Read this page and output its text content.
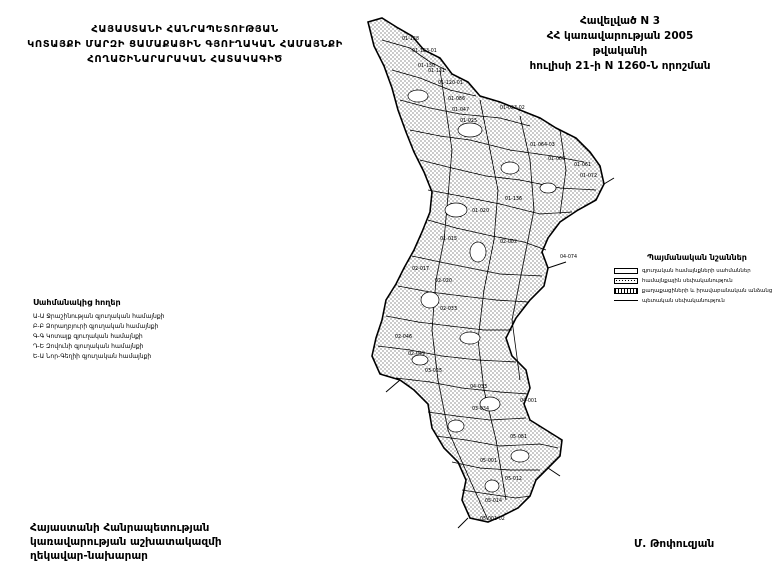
ՀԱՅԱՍՏԱՆԻ ՀԱՆՐԱՊԵՏՈՒԹՅԱՆ
ԿՈՏԱՅՔԻ ՄԱՐԶԻ ՑԱՄԱՔԱՅԻՆ ԳՅՈՒՂԱԿԱՆ ՀԱՄԱՅՆՔԻ
ՀՈՂԱՇԻՆԱՐԱՐԱԿԱՆ ՀԱՏԱԿԱԳԻԾ
Հավելված N 3
ՀՀ կառավարության 2005 թվականի
հուլիսի 21-ի N 1260-Ն որոշման
Սահմանակից հողեր
Ա-Ա Ջրաշինության գյուղական համայնքի
Բ-Բ Ձորաղբյուրի գյուղական համայնքի
Գ-Գ Կոտայք գյուղական համայնքի
Դ-Ե Զովունի գյուղական համայնքի
Ե-Ա Նոր-Գեղիի գյուղական համայնքի
Պայմանական նշաններ
գյուղական համայնքների սահմաններ
համայնքային սեփականություն
քաղաքացիների և իրավաբանական անձանց
պետական սեփականություն
01-138
01-133-01
01-130
01-131
01-120-01
01-086
01-047	01-023-02
01-025
01-064-03
01-066
01-061
01-072
01-136
01-020
01-015
02-002
04-074
02-017
02-020
02-033
02-046
02-049
03-025
04-033
03-034
04-001
05-081
05-001
05-012
05-014
05-001-02
Հայաստանի Հանրապետության
կառավարության աշխատակազմի
ղեկավար-նախարար
Մ. Թոփուզյան
